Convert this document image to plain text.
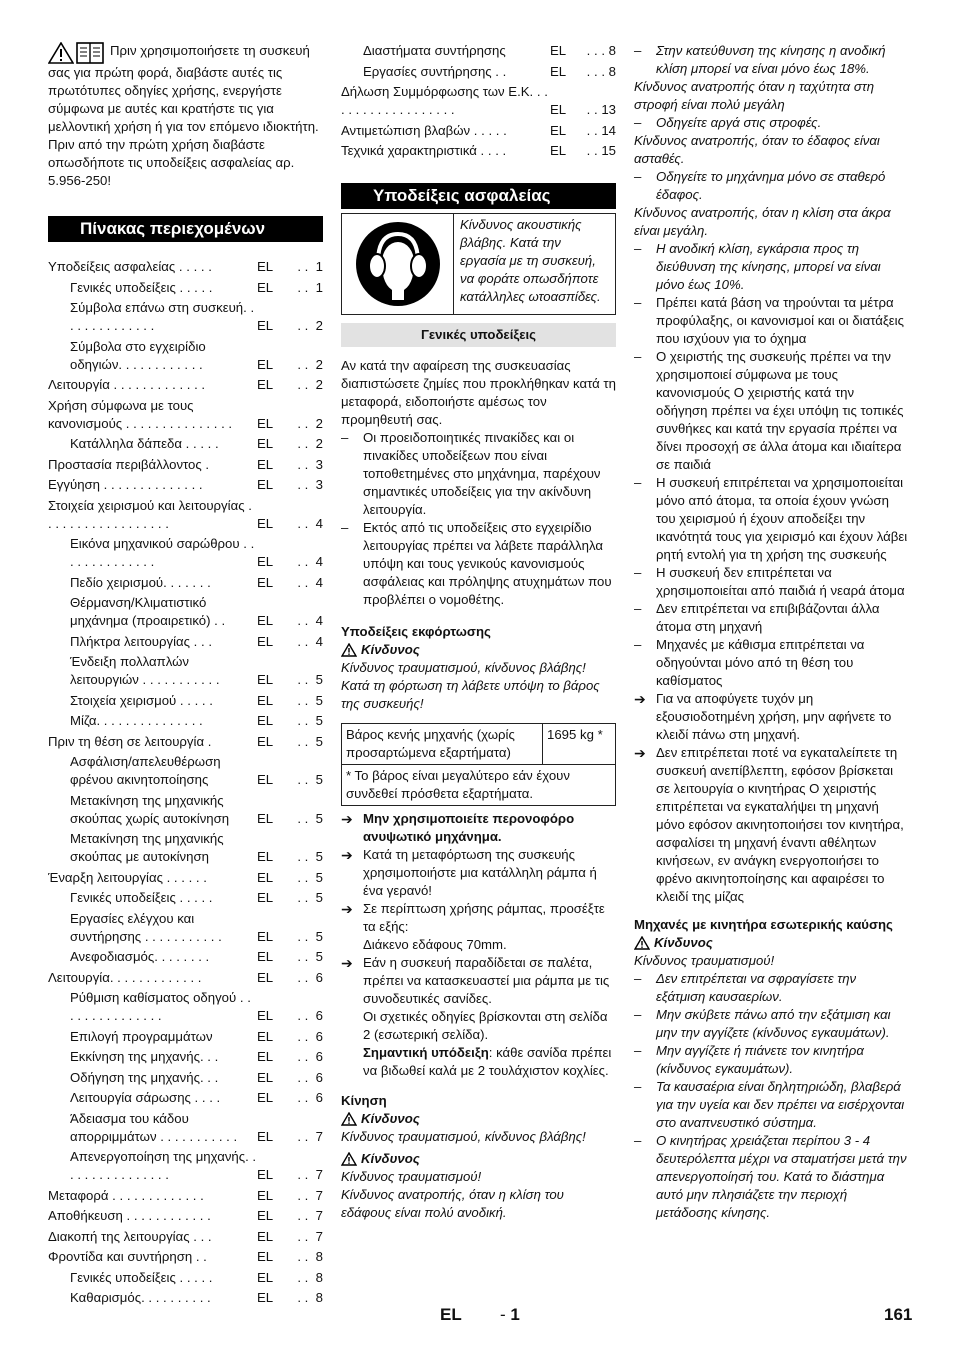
Πριν χρησιμοποιήσετε τη συσκευή σας για πρώτη φορά, διαβάστε αυτές τις πρωτότυπες οδηγίες χρήσης, ενεργήστε σύμφωνα με αυτές και κρατήστε τις για μελλοντική χρήση ή για τον επόμενο ιδιοκτήτη.

Πριν από την πρώτη χρήση διαβάστε οπωσδήποτε τις υποδείξεις ασφαλείας αρ. 5.956-250!

Πίνακας περιεχομένων
Υποδείξεις ασφαλείας . . . . .	EL	. .  1
Γενικές υποδείξεις . . . . .	EL	. .  1
Σύμβολα επάνω στη συσκευή. . . . . . . . . . . . . .	EL	. .  2
Σύμβολα στο εγχειρίδιο οδηγιών. . . . . . . . . . . .	EL	. .  2
Λειτουργία . . . . . . . . . . . . .	EL	. .  2
Χρήση σύμφωνα με τους κανονισμούς . . . . . . . . . . . . . . .	EL	. .  2
Κατάλληλα δάπεδα . . . . .	EL	. .  2
Προστασία περιβάλλοντος .	EL	. .  3
Εγγύηση . . . . . . . . . . . . . .	EL	. .  3
Στοιχεία χειρισμού και λειτουργίας . . . . . . . . . . . . . . . . . .	EL	. .  4
Εικόνα μηχανικού σαρώθρου . . . . . . . . . . . . . .	EL	. .  4
Πεδίο χειρισμού. . . . . . .	EL	. .  4
Θέρμανση/Κλιματιστικό μηχάνημα (προαιρετικό) . .	EL	. .  4
Πλήκτρα λειτουργίας . . .	EL	. .  4
Ένδειξη πολλαπλών λειτουργιών . . . . . . . . . . .	EL	. .  5
Στοιχεία χειρισμού . . . . .	EL	. .  5
Μίζα. . . . . . . . . . . . . . .	EL	. .  5
Πριν τη θέση σε λειτουργία .	EL	. .  5
Ασφάλιση/απελευθέρωση φρένου ακινητοποίησης	EL	. .  5
Μετακίνηση της μηχανικής σκούπας χωρίς αυτοκίνηση	EL	. .  5
Μετακίνηση της μηχανικής σκούπας με αυτοκίνηση	EL	. .  5
Έναρξη λειτουργίας . . . . . .	EL	. .  5
Γενικές υποδείξεις . . . . .	EL	. .  5
Εργασίες ελέγχου και συντήρησης . . . . . . . . . . .	EL	. .  5
Ανεφοδιασμός. . . . . . . .	EL	. .  5
Λειτουργία. . . . . . . . . . . . .	EL	. .  6
Ρύθμιση καθίσματος οδηγού . . . . . . . . . . . . . . .	EL	. .  6
Επιλογή προγραμμάτων	EL	. .  6
Εκκίνηση της μηχανής. . .	EL	. .  6
Οδήγηση της μηχανής. . .	EL	. .  6
Λειτουργία σάρωσης . . . .	EL	. .  6
Άδειασμα του κάδου απορριμμάτων . . . . . . . . . . .	EL	. .  7
Απενεργοποίηση της μηχανής. . . . . . . . . . . . . . . .	EL	. .  7
Μεταφορά . . . . . . . . . . . . .	EL	. .  7
Αποθήκευση . . . . . . . . . . . .	EL	. .  7
Διακοπή της λειτουργίας . . .	EL	. .  7
Φροντίδα και συντήρηση . .	EL	. .  8
Γενικές υποδείξεις . . . . .	EL	. .  8
Καθαρισμός. . . . . . . . . .	EL	. .  8
Διαστήματα συντήρησης	EL	. . . 8
Εργασίες συντήρησης . .	EL	. . . 8
Δήλωση Συμμόρφωσης των Ε.Κ. . . . . . . . . . . . . . . . . . .	EL	. . 13
Αντιμετώπιση βλαβών . . . . .	EL	. . 14
Τεχνικά χαρακτηριστικά . . . .	EL	. . 15
Υποδείξεις ασφαλείας
Κίνδυνος ακουστικής βλάβης. Κατά την εργασία με τη συσκευή, να φοράτε οπωσδήποτε κατάλληλες ωτοασπίδες.
Γενικές υποδείξεις

Αν κατά την αφαίρεση της συσκευασίας διαπιστώσετε ζημίες που προκλήθηκαν κατά τη μεταφορά, ειδοποιήστε αμέσως τον προμηθευτή σας.

–	Οι προειδοποιητικές πινακίδες και οι πινακίδες υποδείξεων που είναι τοποθετημένες στο μηχάνημα, παρέχουν σημαντικές υποδείξεις για την ακίνδυνη λειτουργία.
–	Εκτός από τις υποδείξεις στο εγχειρίδιο λειτουργίας πρέπει να λάβετε παράλληλα υπόψη και τους γενικούς κανονισμούς ασφάλειας και πρόληψης ατυχημάτων που προβλέπει ο νομοθέτης.

Υποδείξεις εκφόρτωσης

Κίνδυνος

Κίνδυνος τραυματισμού, κίνδυνος βλάβης! Κατά τη φόρτωση τη λάβετε υπόψη το βάρος της συσκευής!

Βάρος κενής μηχανής (χωρίς προσαρτώμενα εξαρτήματα)	1695 kg *
* Το βάρος είναι μεγαλύτερο εάν έχουν συνδεθεί πρόσθετα εξαρτήματα.
➔ Μην χρησιμοποιείτε περονοφόρο ανυψωτικό μηχάνημα.
➔ Κατά τη μεταφόρτωση της συσκευής χρησιμοποιήστε μια κατάλληλη ράμπα ή ένα γερανό!
➔ Σε περίπτωση χρήσης ράμπας, προσέξτε τα εξής:
Διάκενο εδάφους 70mm.
➔ Εάν η συσκευή παραδίδεται σε παλέτα, πρέπει να κατασκευαστεί μια ράμπα με τις συνοδευτικές σανίδες.
Οι σχετικές οδηγίες βρίσκονται στη σελίδα 2 (εσωτερική σελίδα).
Σημαντική υπόδειξη: κάθε σανίδα πρέπει να βιδωθεί καλά με 2 τουλάχιστον κοχλίες.

Κίνηση

Κίνδυνος

Κίνδυνος τραυματισμού, κίνδυνος βλάβης!

Κίνδυνος

Κίνδυνος τραυματισμού!

Κίνδυνος ανατροπής, όταν η κλίση του εδάφους είναι πολύ ανοδική.

–	Στην κατεύθυνση της κίνησης η ανοδική κλίση μπορεί να είναι μόνο έως 18%.

Κίνδυνος ανατροπής όταν η ταχύτητα στη στροφή είναι πολύ μεγάλη

–	Οδηγείτε αργά στις στροφές.

Κίνδυνος ανατροπής, όταν το έδαφος είναι ασταθές.

–	Οδηγείτε το μηχάνημα μόνο σε σταθερό έδαφος.

Κίνδυνος ανατροπής, όταν η κλίση στα άκρα είναι μεγάλη.

–	Η ανοδική κλίση, εγκάρσια προς τη διεύθυνση της κίνησης, μπορεί να είναι μόνο έως 10%.
–	Πρέπει κατά βάση να τηρούνται τα μέτρα προφύλαξης, οι κανονισμοί και οι διατάξεις που ισχύουν για το όχημα
–	Ο χειριστής της συσκευής πρέπει να την χρησιμοποιεί σύμφωνα με τους κανονισμούς Ο χειριστής κατά την οδήγηση πρέπει να έχει υπόψη τις τοπικές συνθήκες και κατά την εργασία πρέπει να δίνει προσοχή σε άλλα άτομα και ιδιαίτερα σε παιδιά
–	Η συσκευή επιτρέπεται να χρησιμοποιείται μόνο από άτομα, τα οποία έχουν γνώση του χειρισμού ή έχουν αποδείξει την ικανότητά τους για χειρισμό και έχουν λάβει ρητή εντολή για τη χρήση της συσκευής
–	Η συσκευή δεν επιτρέπεται να χρησιμοποιείται από παιδιά ή νεαρά άτομα
–	Δεν επιτρέπεται να επιβιβάζονται άλλα άτομα στη μηχανή
–	Μηχανές με κάθισμα επιτρέπεται να οδηγούνται μόνο από τη θέση του καθίσματος
➔ Για να αποφύγετε τυχόν μη εξουσιοδοτημένη χρήση, μην αφήνετε το κλειδί πάνω στη μηχανή.
➔ Δεν επιτρέπεται ποτέ να εγκαταλείπετε τη συσκευή ανεπίβλεπτη, εφόσον βρίσκεται σε λειτουργία ο κινητήρας Ο χειριστής επιτρέπεται να εγκαταλήψει τη μηχανή μόνο εφόσον ακινητοποιήσει τον κινητήρα, ασφαλίσει τη μηχανή έναντι αθέλητων κινήσεων, εν ανάγκη ενεργοποιήσει το φρένο ακινητοποίησης και αφαιρέσει το κλειδί της μίζας

Μηχανές με κινητήρα εσωτερικής καύσης

Κίνδυνος

Κίνδυνος τραυματισμού!

–	Δεν επιτρέπεται να σφραγίσετε την εξάτμιση καυσαερίων.
–	Μην σκύβετε πάνω από την εξάτμιση και μην την αγγίζετε (κίνδυνος εγκαυμάτων).
–	Μην αγγίζετε ή πιάνετε τον κινητήρα (κίνδυνος εγκαυμάτων).
–	Τα καυσαέρια είναι δηλητηριώδη, βλαβερά για την υγεία και δεν πρέπει να εισέρχονται στο αναπνευστικό σύστημα.
–	Ο κινητήρας χρειάζεται περίπου 3 - 4 δευτερόλεπτα μέχρι να σταματήσει μετά την απενεργοποίησή του. Κατά το διάστημα αυτό μην πλησιάζετε την περιοχή μετάδοσης κίνησης.
EL - 1	161
